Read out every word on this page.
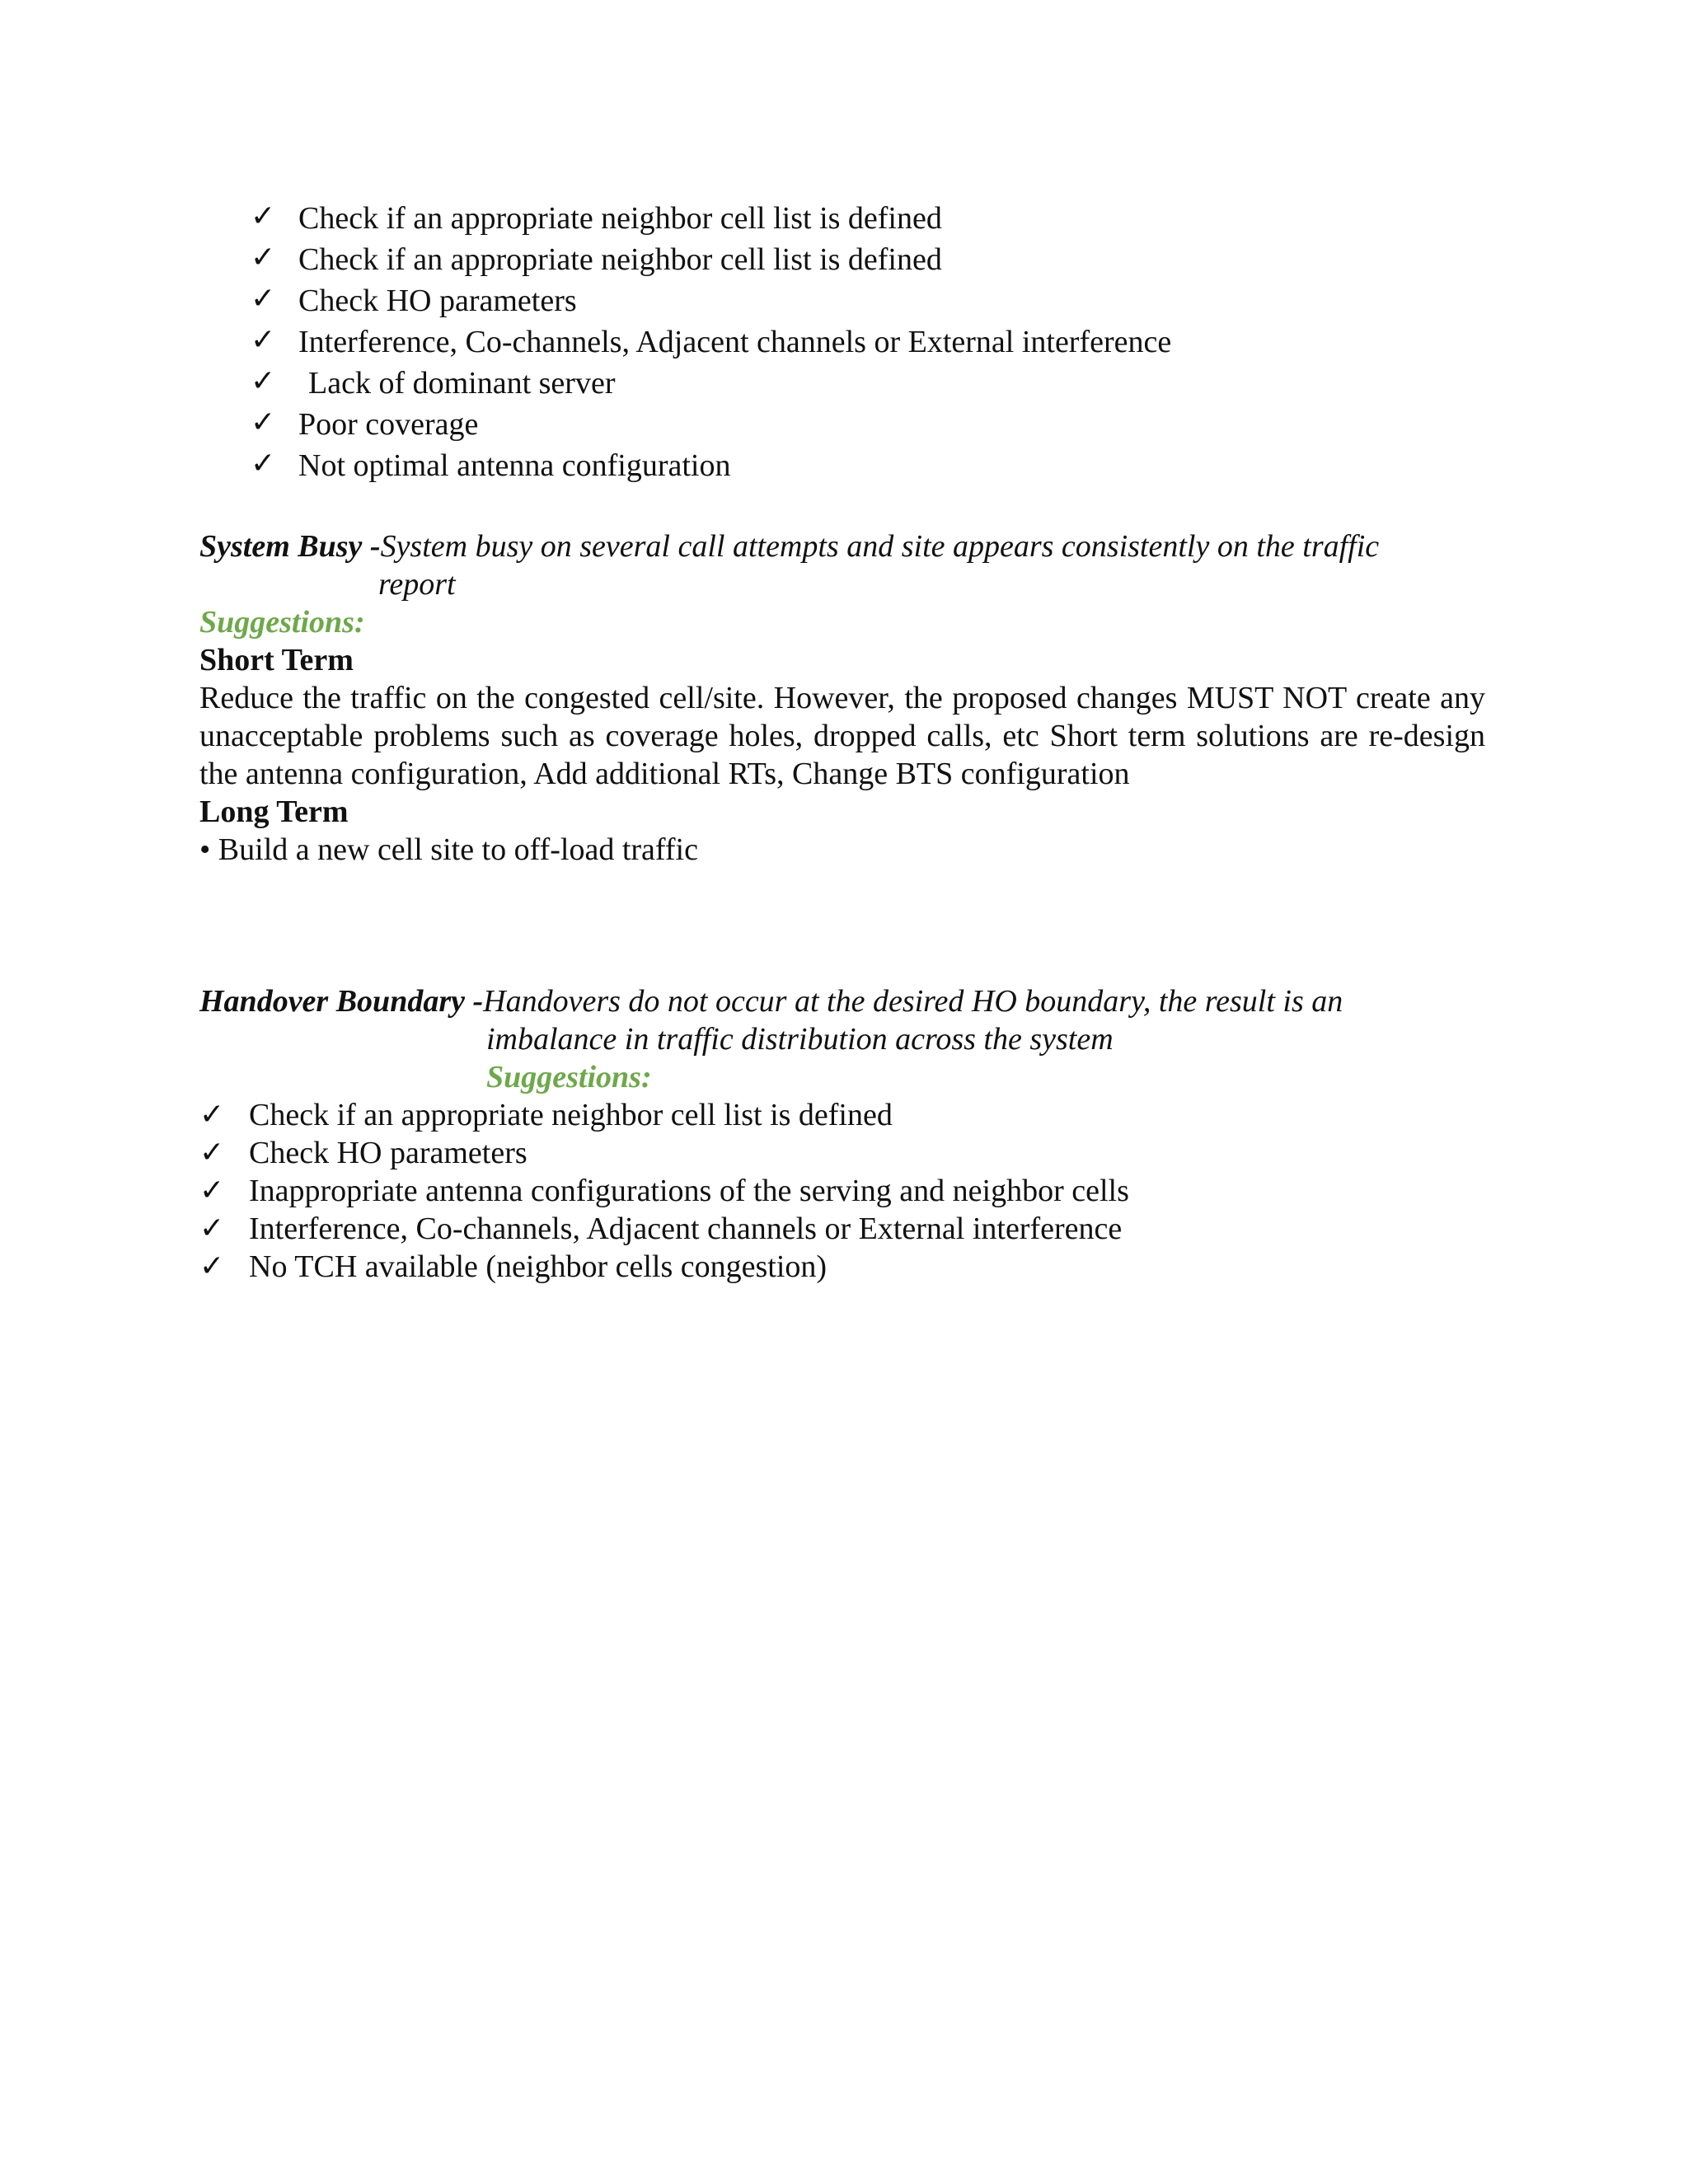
✓ Check if an appropriate neighbor cell list is defined
✓ Check if an appropriate neighbor cell list is defined
✓ Check HO parameters
✓ Interference, Co-channels, Adjacent channels or External interference
✓ Lack of dominant server
✓ Poor coverage
✓ Not optimal antenna configuration
System Busy -System busy on several call attempts and site appears consistently on the traffic
report
Suggestions:
Short Term
Reduce the traffic on the congested cell/site. However, the proposed changes MUST NOT create any unacceptable problems such as coverage holes, dropped calls, etc Short term solutions are re-design the antenna configuration, Add additional RTs, Change BTS configuration
Long Term
• Build a new cell site to off-load traffic
Handover Boundary -Handovers do not occur at the desired HO boundary, the result is an
imbalance in traffic distribution across the system
Suggestions:
✓ Check if an appropriate neighbor cell list is defined
✓ Check HO parameters
✓ Inappropriate antenna configurations of the serving and neighbor cells
✓ Interference, Co-channels, Adjacent channels or External interference
✓ No TCH available (neighbor cells congestion)
